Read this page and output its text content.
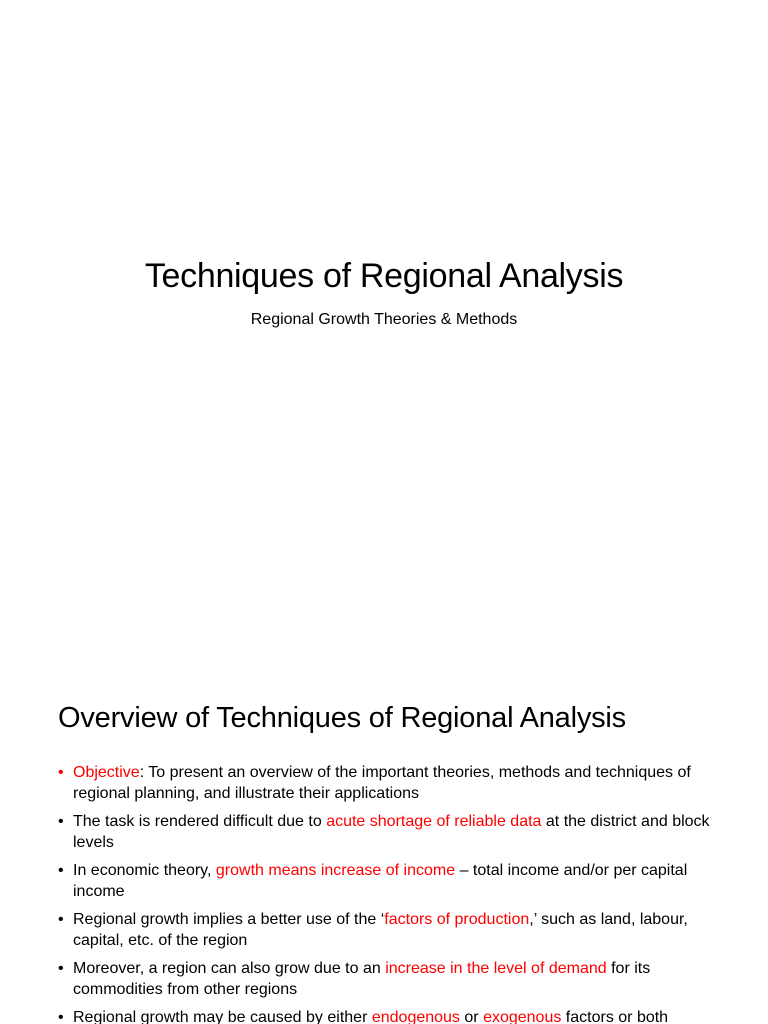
Techniques of Regional Analysis
Regional Growth Theories & Methods
Overview of Techniques of Regional Analysis
• Objective: To present an overview of the important theories, methods and techniques of regional planning, and illustrate their applications
• The task is rendered difficult due to acute shortage of reliable data at the district and block levels
• In economic theory, growth means increase of income – total income and/or per capital income
• Regional growth implies a better use of the ‘factors of production,’ such as land, labour, capital, etc. of the region
• Moreover, a region can also grow due to an increase in the level of demand for its commodities from other regions
• Regional growth may be caused by either endogenous or exogenous factors or both
